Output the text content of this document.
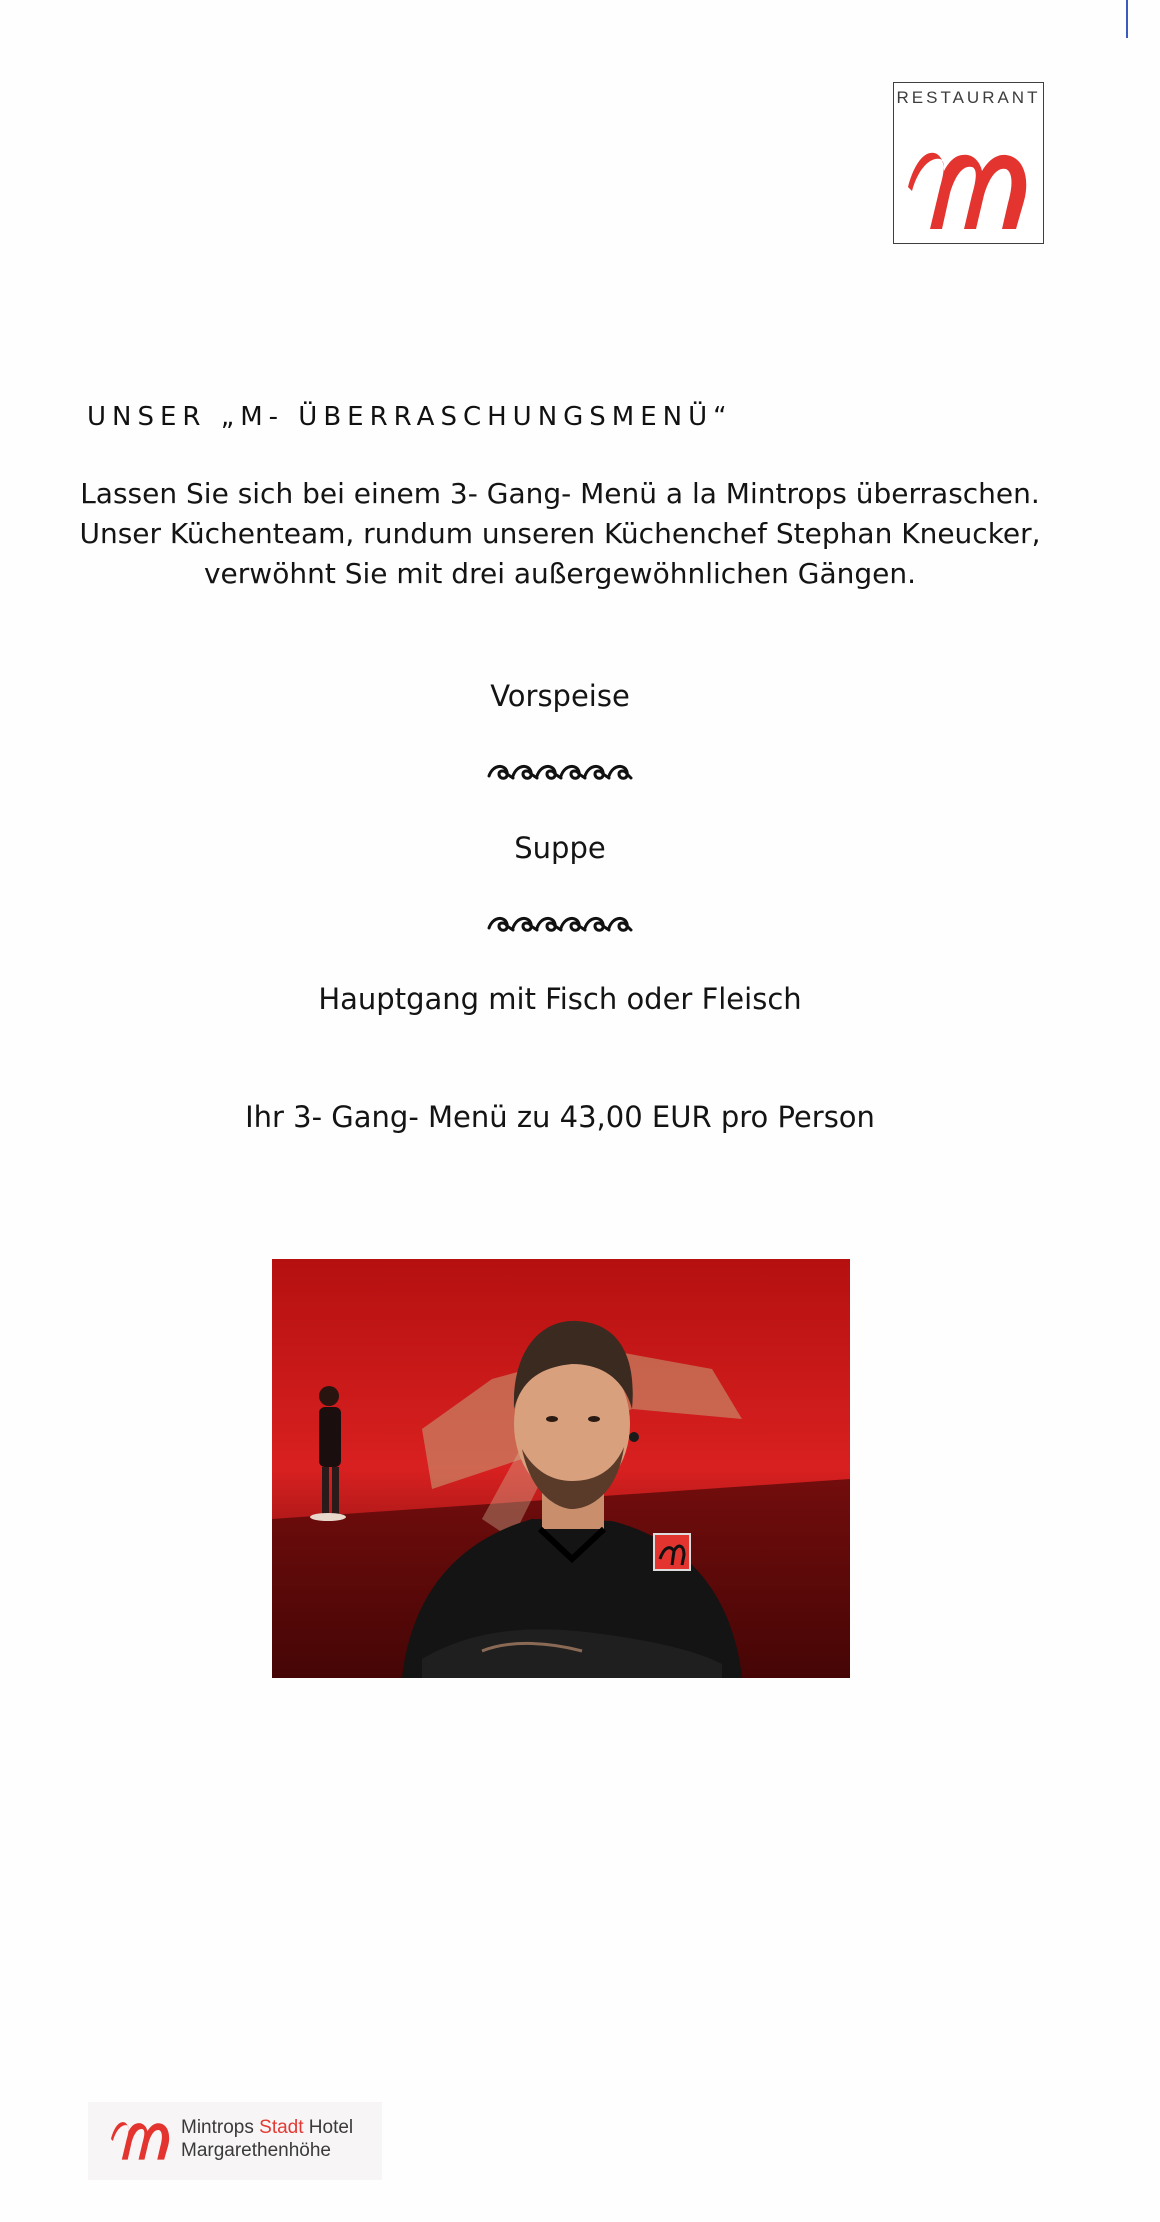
RESTAURANT
UNSER „M- ÜBERRASCHUNGSMENÜ“
Lassen Sie sich bei einem 3- Gang- Menü a la Mintrops überraschen.
Unser Küchenteam, rundum unseren Küchenchef Stephan Kneucker,
verwöhnt Sie mit drei außergewöhnlichen Gängen.
Vorspeise
Suppe
Hauptgang mit Fisch oder Fleisch
Ihr 3- Gang- Menü zu 43,00 EUR pro Person
Mintrops Stadt Hotel
Margarethenhöhe
